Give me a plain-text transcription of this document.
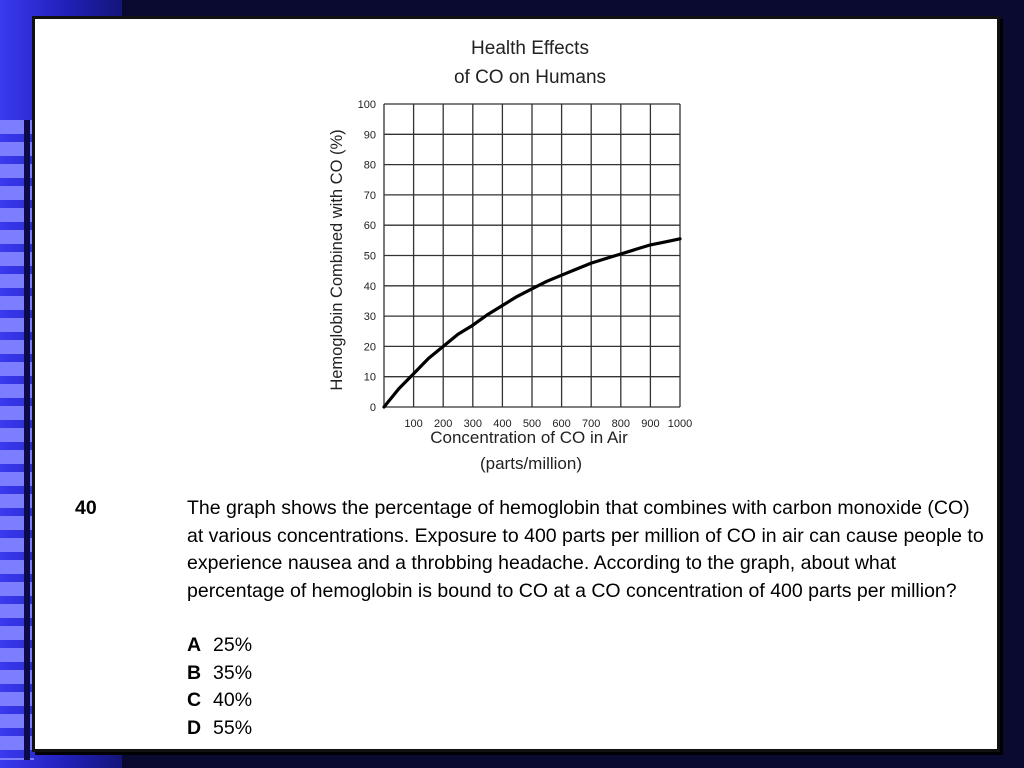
100 200 300 400 500 600 700 800 900 1000
0
10
20
30
40
50
60
70
80
90
100
Health Effects
of CO on Humans
Hemoglobin Combined with CO (%)
Concentration of CO in Air
(parts/million)
40	The graph shows the percentage of hemoglobin that combines with carbon monoxide (CO) at various concentrations. Exposure to 400 parts per million of CO in air can cause people to experience nausea and a throbbing headache. According to the graph, about what percentage of hemoglobin is bound to CO at a CO concentration of 400 parts per million?
A 25%
B 35%
C 40%
D 55%
